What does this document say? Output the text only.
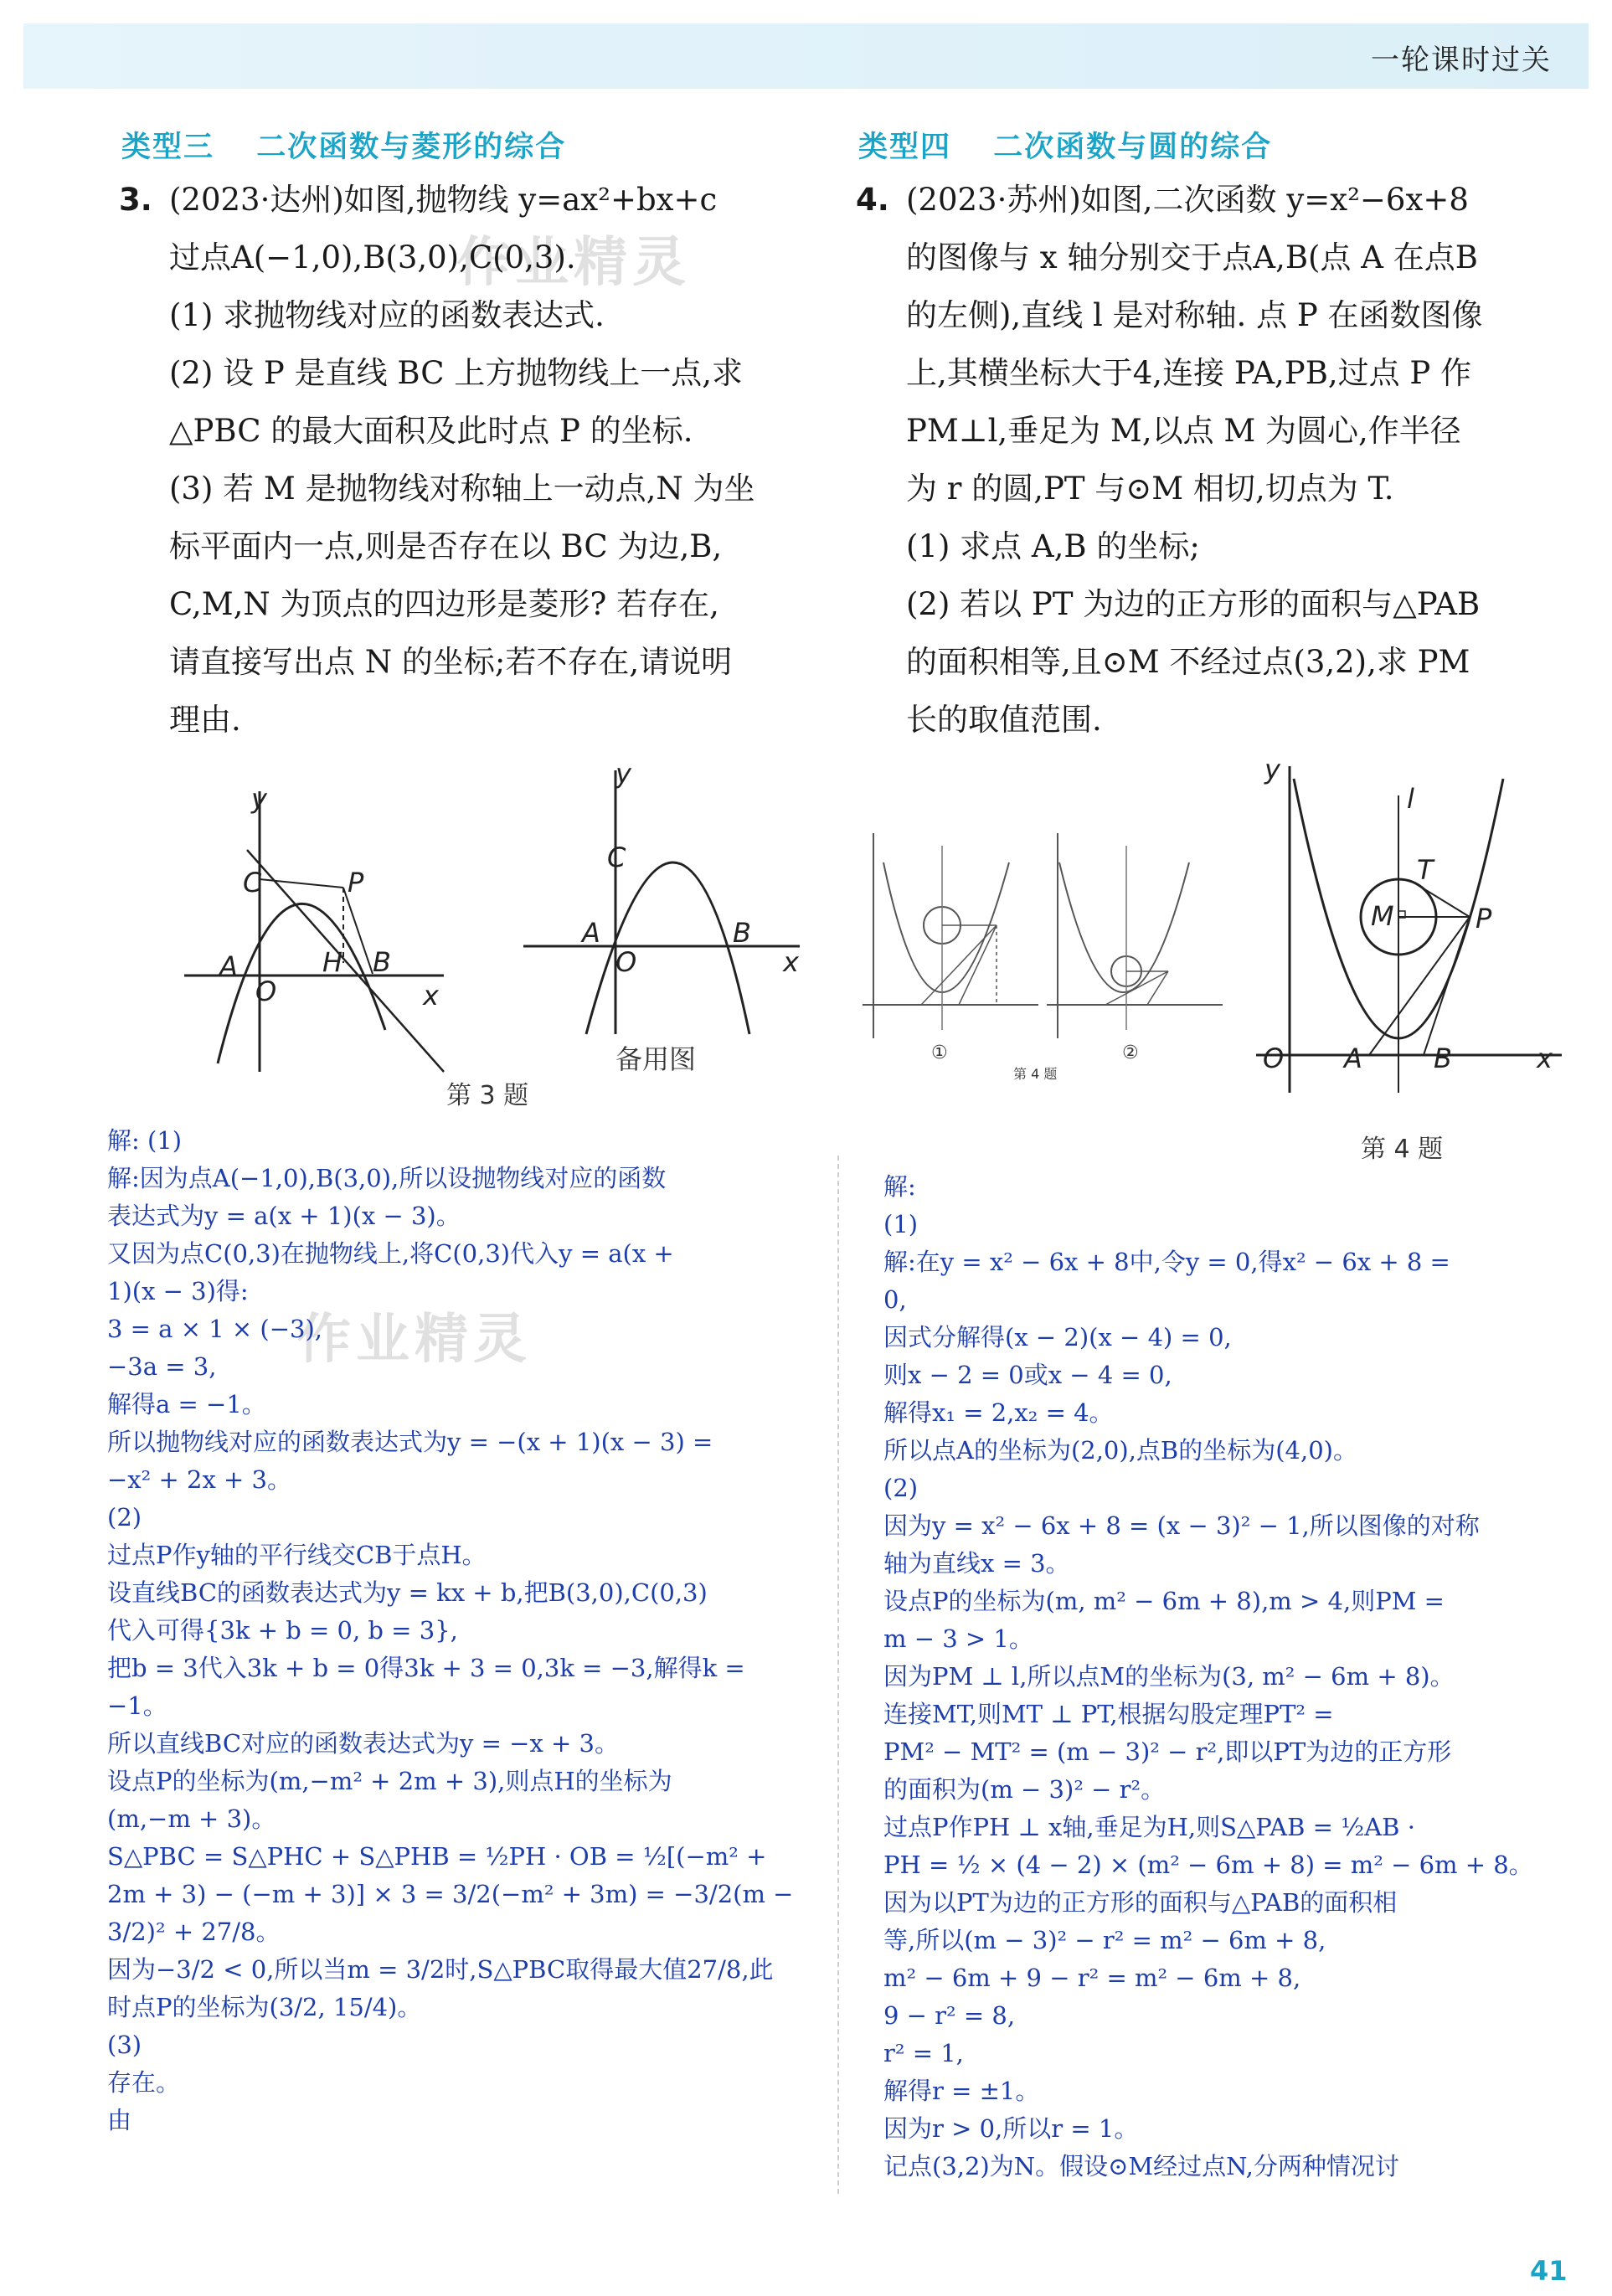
一轮课时过关
类型三 二次函数与菱形的综合
3. (2023·达州)如图,抛物线 y=ax²+bx+c

过点A(−1,0),B(3,0),C(0,3).

(1) 求抛物线对应的函数表达式.

(2) 设 P 是直线 BC 上方抛物线上一点,求

△PBC 的最大面积及此时点 P 的坐标.

(3) 若 M 是抛物线对称轴上一动点,N 为坐

标平面内一点,则是否存在以 BC 为边,B,

C,M,N 为顶点的四边形是菱形? 若存在,

请直接写出点 N 的坐标;若不存在,请说明

理由.

作业精灵
作业精灵
y
C	P
A
O
H B
x
y
C
A
O
B
x
备用图
第 3 题
解: (1)
解:因为点A(−1,0),B(3,0),所以设抛物线对应的函数
表达式为y = a(x + 1)(x − 3)。
又因为点C(0,3)在抛物线上,将C(0,3)代入y = a(x +
1)(x − 3)得:
3 = a × 1 × (−3),
−3a = 3,
解得a = −1。
所以抛物线对应的函数表达式为y = −(x + 1)(x − 3) =
−x² + 2x + 3。
(2)
过点P作y轴的平行线交CB于点H。
设直线BC的函数表达式为y = kx + b,把B(3,0),C(0,3)
代入可得{3k + b = 0, b = 3},
把b = 3代入3k + b = 0得3k + 3 = 0,3k = −3,解得k =
−1。
所以直线BC对应的函数表达式为y = −x + 3。
设点P的坐标为(m,−m² + 2m + 3),则点H的坐标为
(m,−m + 3)。
S△PBC = S△PHC + S△PHB = ½PH · OB = ½[(−m² +
2m + 3) − (−m + 3)] × 3 = 3/2(−m² + 3m) = −3/2(m −
3/2)² + 27/8。
因为−3/2 < 0,所以当m = 3/2时,S△PBC取得最大值27/8,此
时点P的坐标为(3/2, 15/4)。
(3)
存在。
由
类型四 二次函数与圆的综合
4. (2023·苏州)如图,二次函数 y=x²−6x+8

的图像与 x 轴分别交于点A,B(点 A 在点B

的左侧),直线 l 是对称轴. 点 P 在函数图像

上,其横坐标大于4,连接 PA,PB,过点 P 作

PM⊥l,垂足为 M,以点 M 为圆心,作半径

为 r 的圆,PT 与⊙M 相切,切点为 T.

(1) 求点 A,B 的坐标;

(2) 若以 PT 为边的正方形的面积与△PAB

的面积相等,且⊙M 不经过点(3,2),求 PM

长的取值范围.

①	②
第 4 题
y
l
T
M	P
O A	B	x
第 4 题
解:
(1)
解:在y = x² − 6x + 8中,令y = 0,得x² − 6x + 8 =
0,
因式分解得(x − 2)(x − 4) = 0,
则x − 2 = 0或x − 4 = 0,
解得x₁ = 2,x₂ = 4。
所以点A的坐标为(2,0),点B的坐标为(4,0)。
(2)
因为y = x² − 6x + 8 = (x − 3)² − 1,所以图像的对称
轴为直线x = 3。
设点P的坐标为(m, m² − 6m + 8),m > 4,则PM =
m − 3 > 1。
因为PM ⊥ l,所以点M的坐标为(3, m² − 6m + 8)。
连接MT,则MT ⊥ PT,根据勾股定理PT² =
PM² − MT² = (m − 3)² − r²,即以PT为边的正方形
的面积为(m − 3)² − r²。
过点P作PH ⊥ x轴,垂足为H,则S△PAB = ½AB ·
PH = ½ × (4 − 2) × (m² − 6m + 8) = m² − 6m + 8。
因为以PT为边的正方形的面积与△PAB的面积相
等,所以(m − 3)² − r² = m² − 6m + 8,
m² − 6m + 9 − r² = m² − 6m + 8,
9 − r² = 8,
r² = 1,
解得r = ±1。
因为r > 0,所以r = 1。
记点(3,2)为N。假设⊙M经过点N,分两种情况讨
41
